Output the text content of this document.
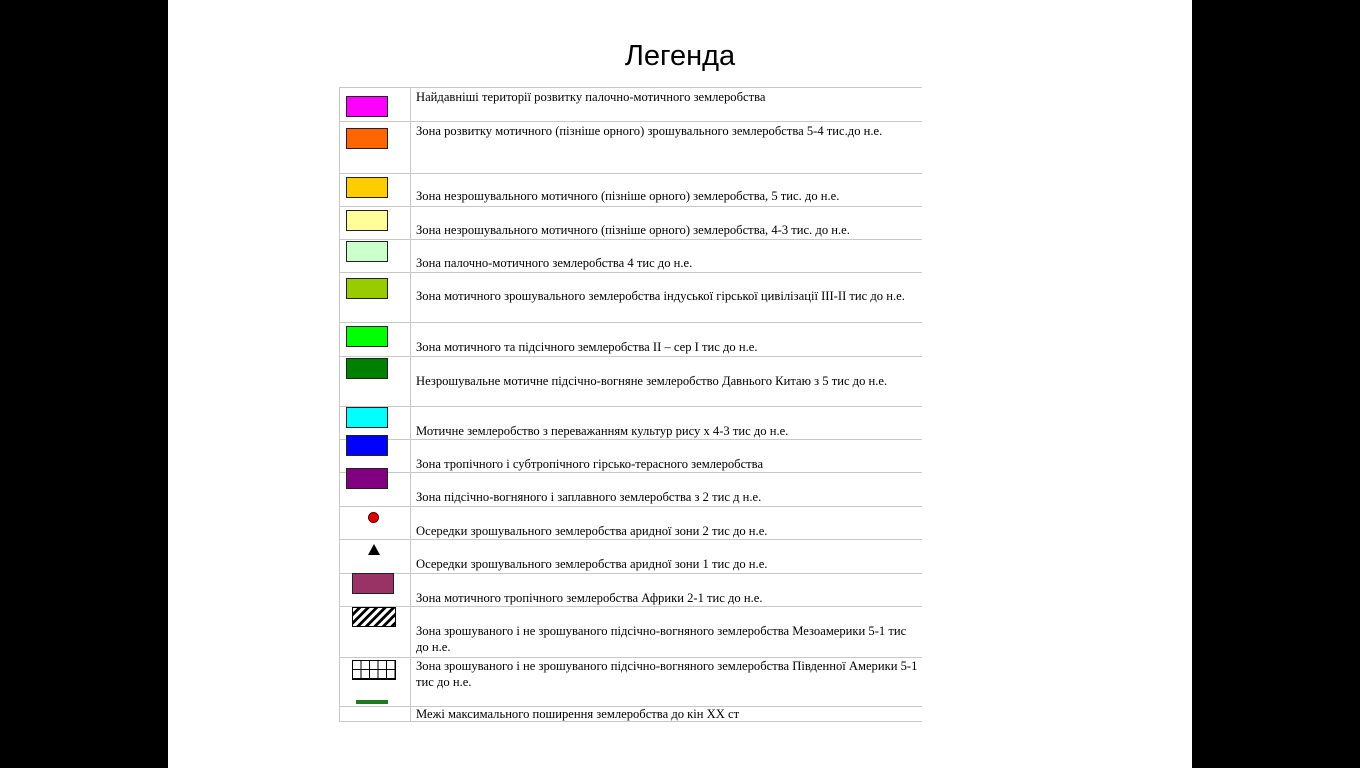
Легенда
Найдавніші території розвитку палочно-мотичного землеробства
Зона розвитку мотичного (пізніше орного) зрошувального землеробства 5-4 тис.до н.е.
Зона незрошувального мотичного (пізніше орного) землеробства, 5 тис. до н.е.
Зона незрошувального мотичного (пізніше орного) землеробства, 4-3 тис. до н.е.
Зона палочно-мотичного землеробства 4 тис до н.е.
Зона мотичного зрошувального землеробства індуської гірської цивілізації III-II тис до н.е.
Зона мотичного та підсічного землеробства II – сер I тис до н.е.
Незрошувальне мотичне підсічно-вогняне землеробство Давнього Китаю з 5 тис до н.е.
Мотичне землеробство з переважанням культур рису х 4-3 тис до н.е.
Зона тропічного і субтропічного гірсько-терасного землеробства
Зона підсічно-вогняного і заплавного землеробства з 2 тис д н.е.
Осередки зрошувального землеробства аридної зони 2 тис до н.е.
Осередки зрошувального землеробства аридної зони 1 тис до н.е.
Зона мотичного тропічного землеробства Африки 2-1 тис до н.е.
Зона зрошуваного і не зрошуваного підсічно-вогняного землеробства Мезоамерики 5-1 тис до н.е.
Зона зрошуваного і не зрошуваного підсічно-вогняного землеробства Південної Америки 5-1 тис до н.е.
Межі максимального поширення землеробства до кін XX ст
